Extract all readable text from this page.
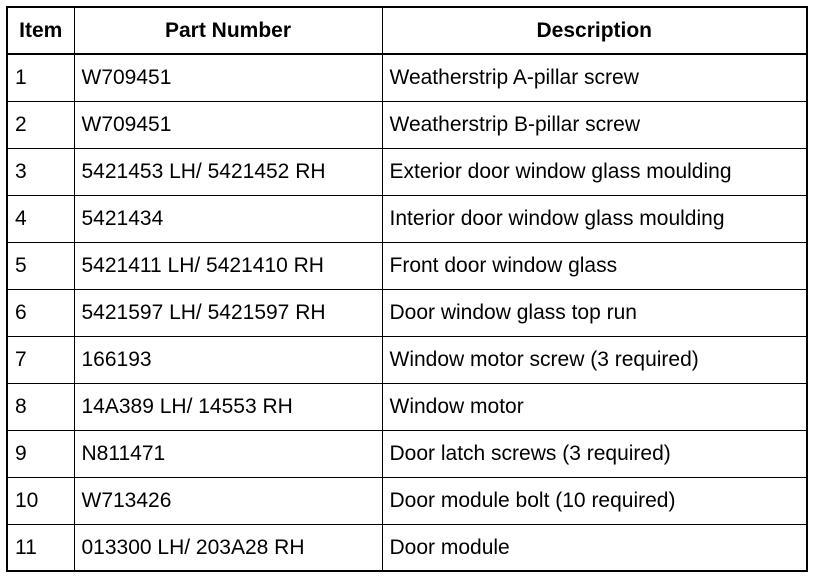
Item	Part Number	Description
1	W709451	Weatherstrip A-pillar screw
2	W709451	Weatherstrip B-pillar screw
3	5421453 LH/ 5421452 RH	Exterior door window glass moulding
4	5421434	Interior door window glass moulding
5	5421411 LH/ 5421410 RH	Front door window glass
6	5421597 LH/ 5421597 RH	Door window glass top run
7	166193	Window motor screw (3 required)
8	14A389 LH/ 14553 RH	Window motor
9	N811471	Door latch screws (3 required)
10	W713426	Door module bolt (10 required)
11	013300 LH/ 203A28 RH	Door module
